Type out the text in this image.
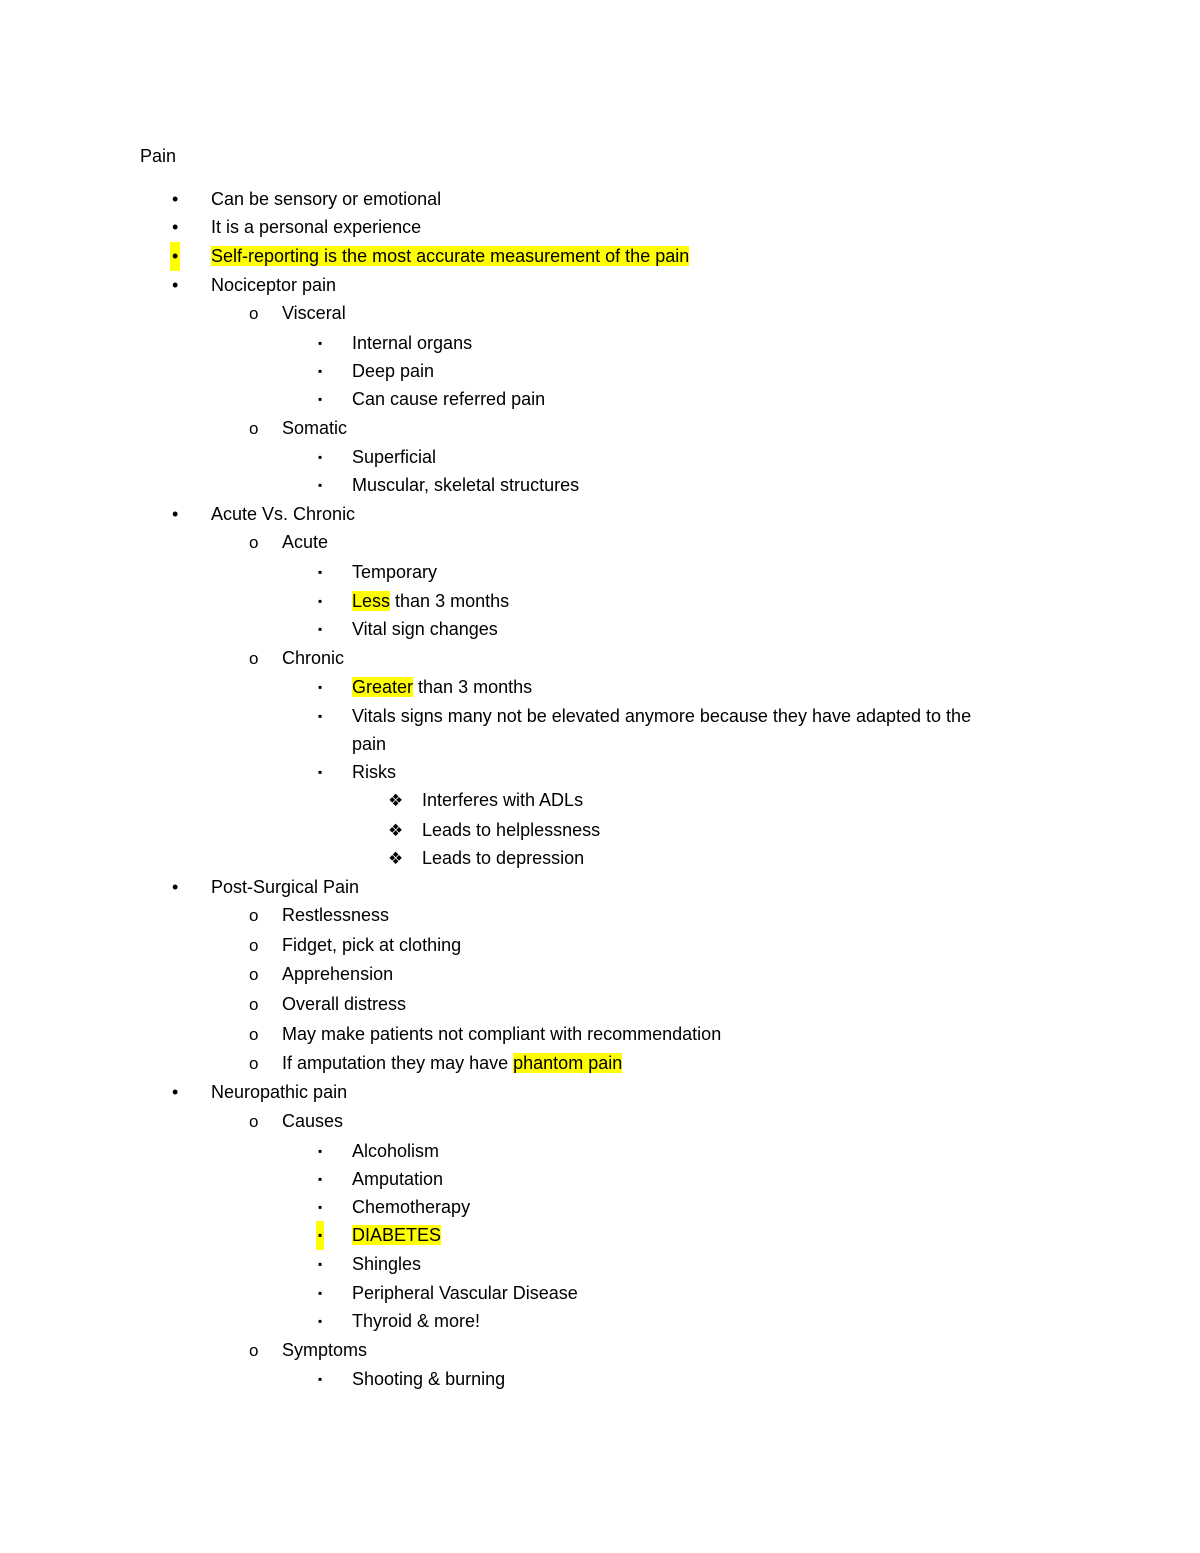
Pain
• Can be sensory or emotional
• It is a personal experience
• Self-reporting is the most accurate measurement of the pain
• Nociceptor pain
o Visceral
▪ Internal organs
▪ Deep pain
▪ Can cause referred pain
o Somatic
▪ Superficial
▪ Muscular, skeletal structures
• Acute Vs. Chronic
o Acute
▪ Temporary
▪ Less than 3 months
▪ Vital sign changes
o Chronic
▪ Greater than 3 months
▪ Vitals signs many not be elevated anymore because they have adapted to the
pain
▪ Risks
❖ Interferes with ADLs
❖ Leads to helplessness
❖ Leads to depression
• Post-Surgical Pain
o Restlessness
o Fidget, pick at clothing
o Apprehension
o Overall distress
o May make patients not compliant with recommendation
o If amputation they may have phantom pain
• Neuropathic pain
o Causes
▪ Alcoholism
▪ Amputation
▪ Chemotherapy
▪ DIABETES
▪ Shingles
▪ Peripheral Vascular Disease
▪ Thyroid & more!
o Symptoms
▪ Shooting & burning
